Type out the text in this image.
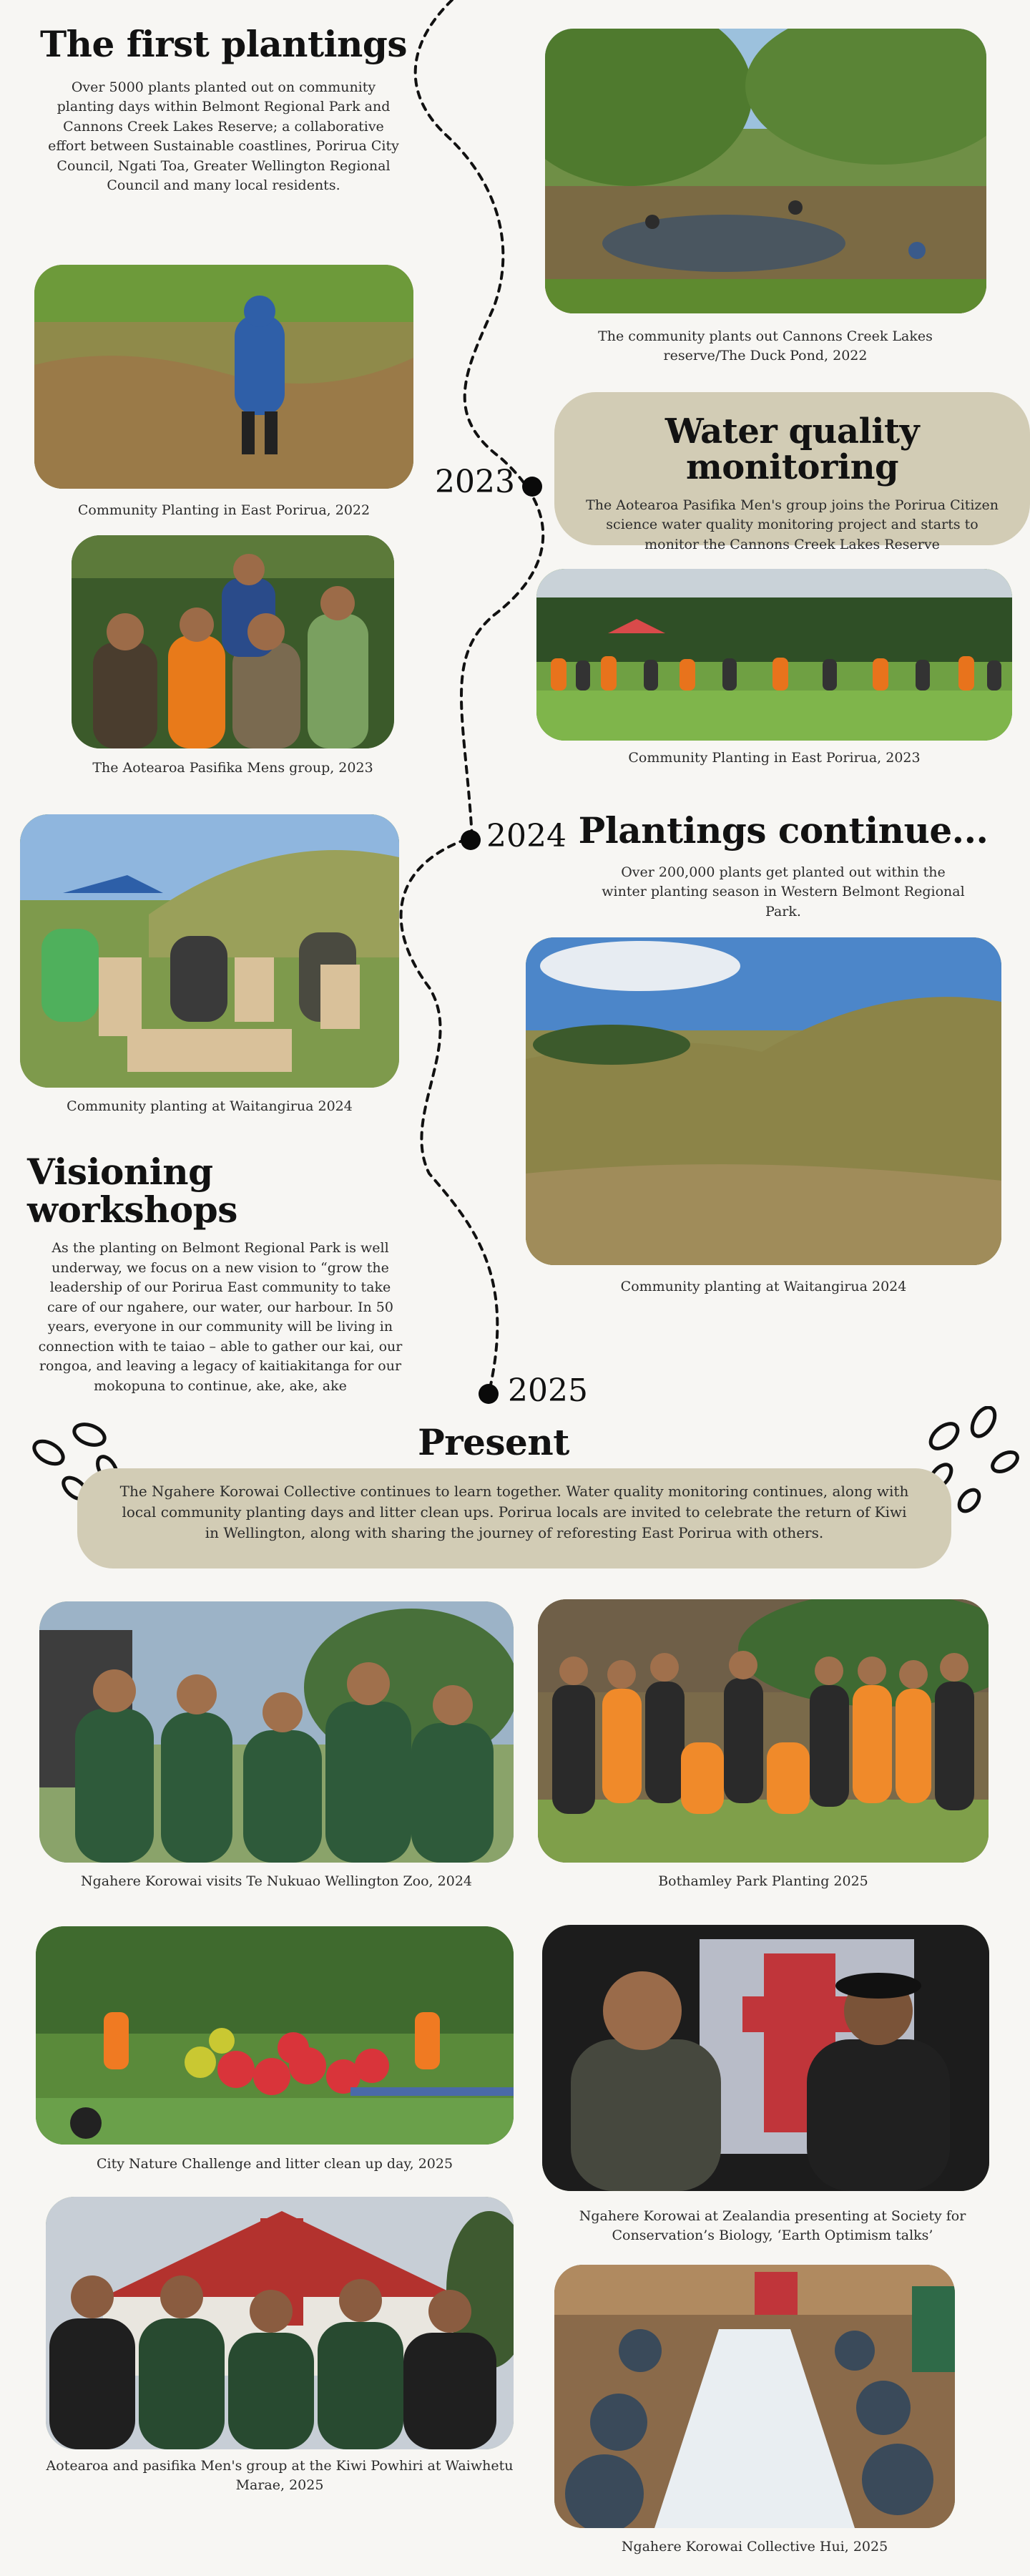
2023
2024
2025
The first plantings

Over 5000 plants planted out on community planting days within Belmont Regional Park and Cannons Creek Lakes Reserve; a collaborative effort between Sustainable coastlines, Porirua City Council, Ngati Toa, Greater Wellington Regional Council and many local residents.

The community plants out Cannons Creek Lakes reserve/The Duck Pond, 2022

Community Planting in East Porirua, 2022

Water quality monitoring

The Aotearoa Pasifika Men's group joins the Porirua Citizen science water quality monitoring project and starts to monitor the Cannons Creek Lakes Reserve

The Aotearoa Pasifika Mens group, 2023

Community Planting in East Porirua, 2023

Plantings continue...

Over 200,000 plants get planted out within the winter planting season in Western Belmont Regional Park.

Community planting at Waitangirua 2024

Community planting at Waitangirua 2024

Visioning workshops

As the planting on Belmont Regional Park is well underway, we focus on a new vision to “grow the leadership of our Porirua East community to take care of our ngahere, our water, our harbour. In 50 years, everyone in our community will be living in connection with te taiao – able to gather our kai, our rongoa, and leaving a legacy of kaitiakitanga for our mokopuna to continue, ake, ake, ake

Present

The Ngahere Korowai Collective continues to learn together. Water quality monitoring continues, along with local community planting days and litter clean ups. Porirua locals are invited to celebrate the return of Kiwi in Wellington, along with sharing the journey of reforesting East Porirua with others.

Ngahere Korowai visits Te Nukuao Wellington Zoo, 2024	Bothamley Park Planting 2025

City Nature Challenge and litter clean up day, 2025

Ngahere Korowai at Zealandia presenting at Society for Conservation’s Biology, ‘Earth Optimism talks’

Aotearoa and pasifika Men's group at the Kiwi Powhiri at Waiwhetu Marae, 2025

Ngahere Korowai Collective Hui, 2025
